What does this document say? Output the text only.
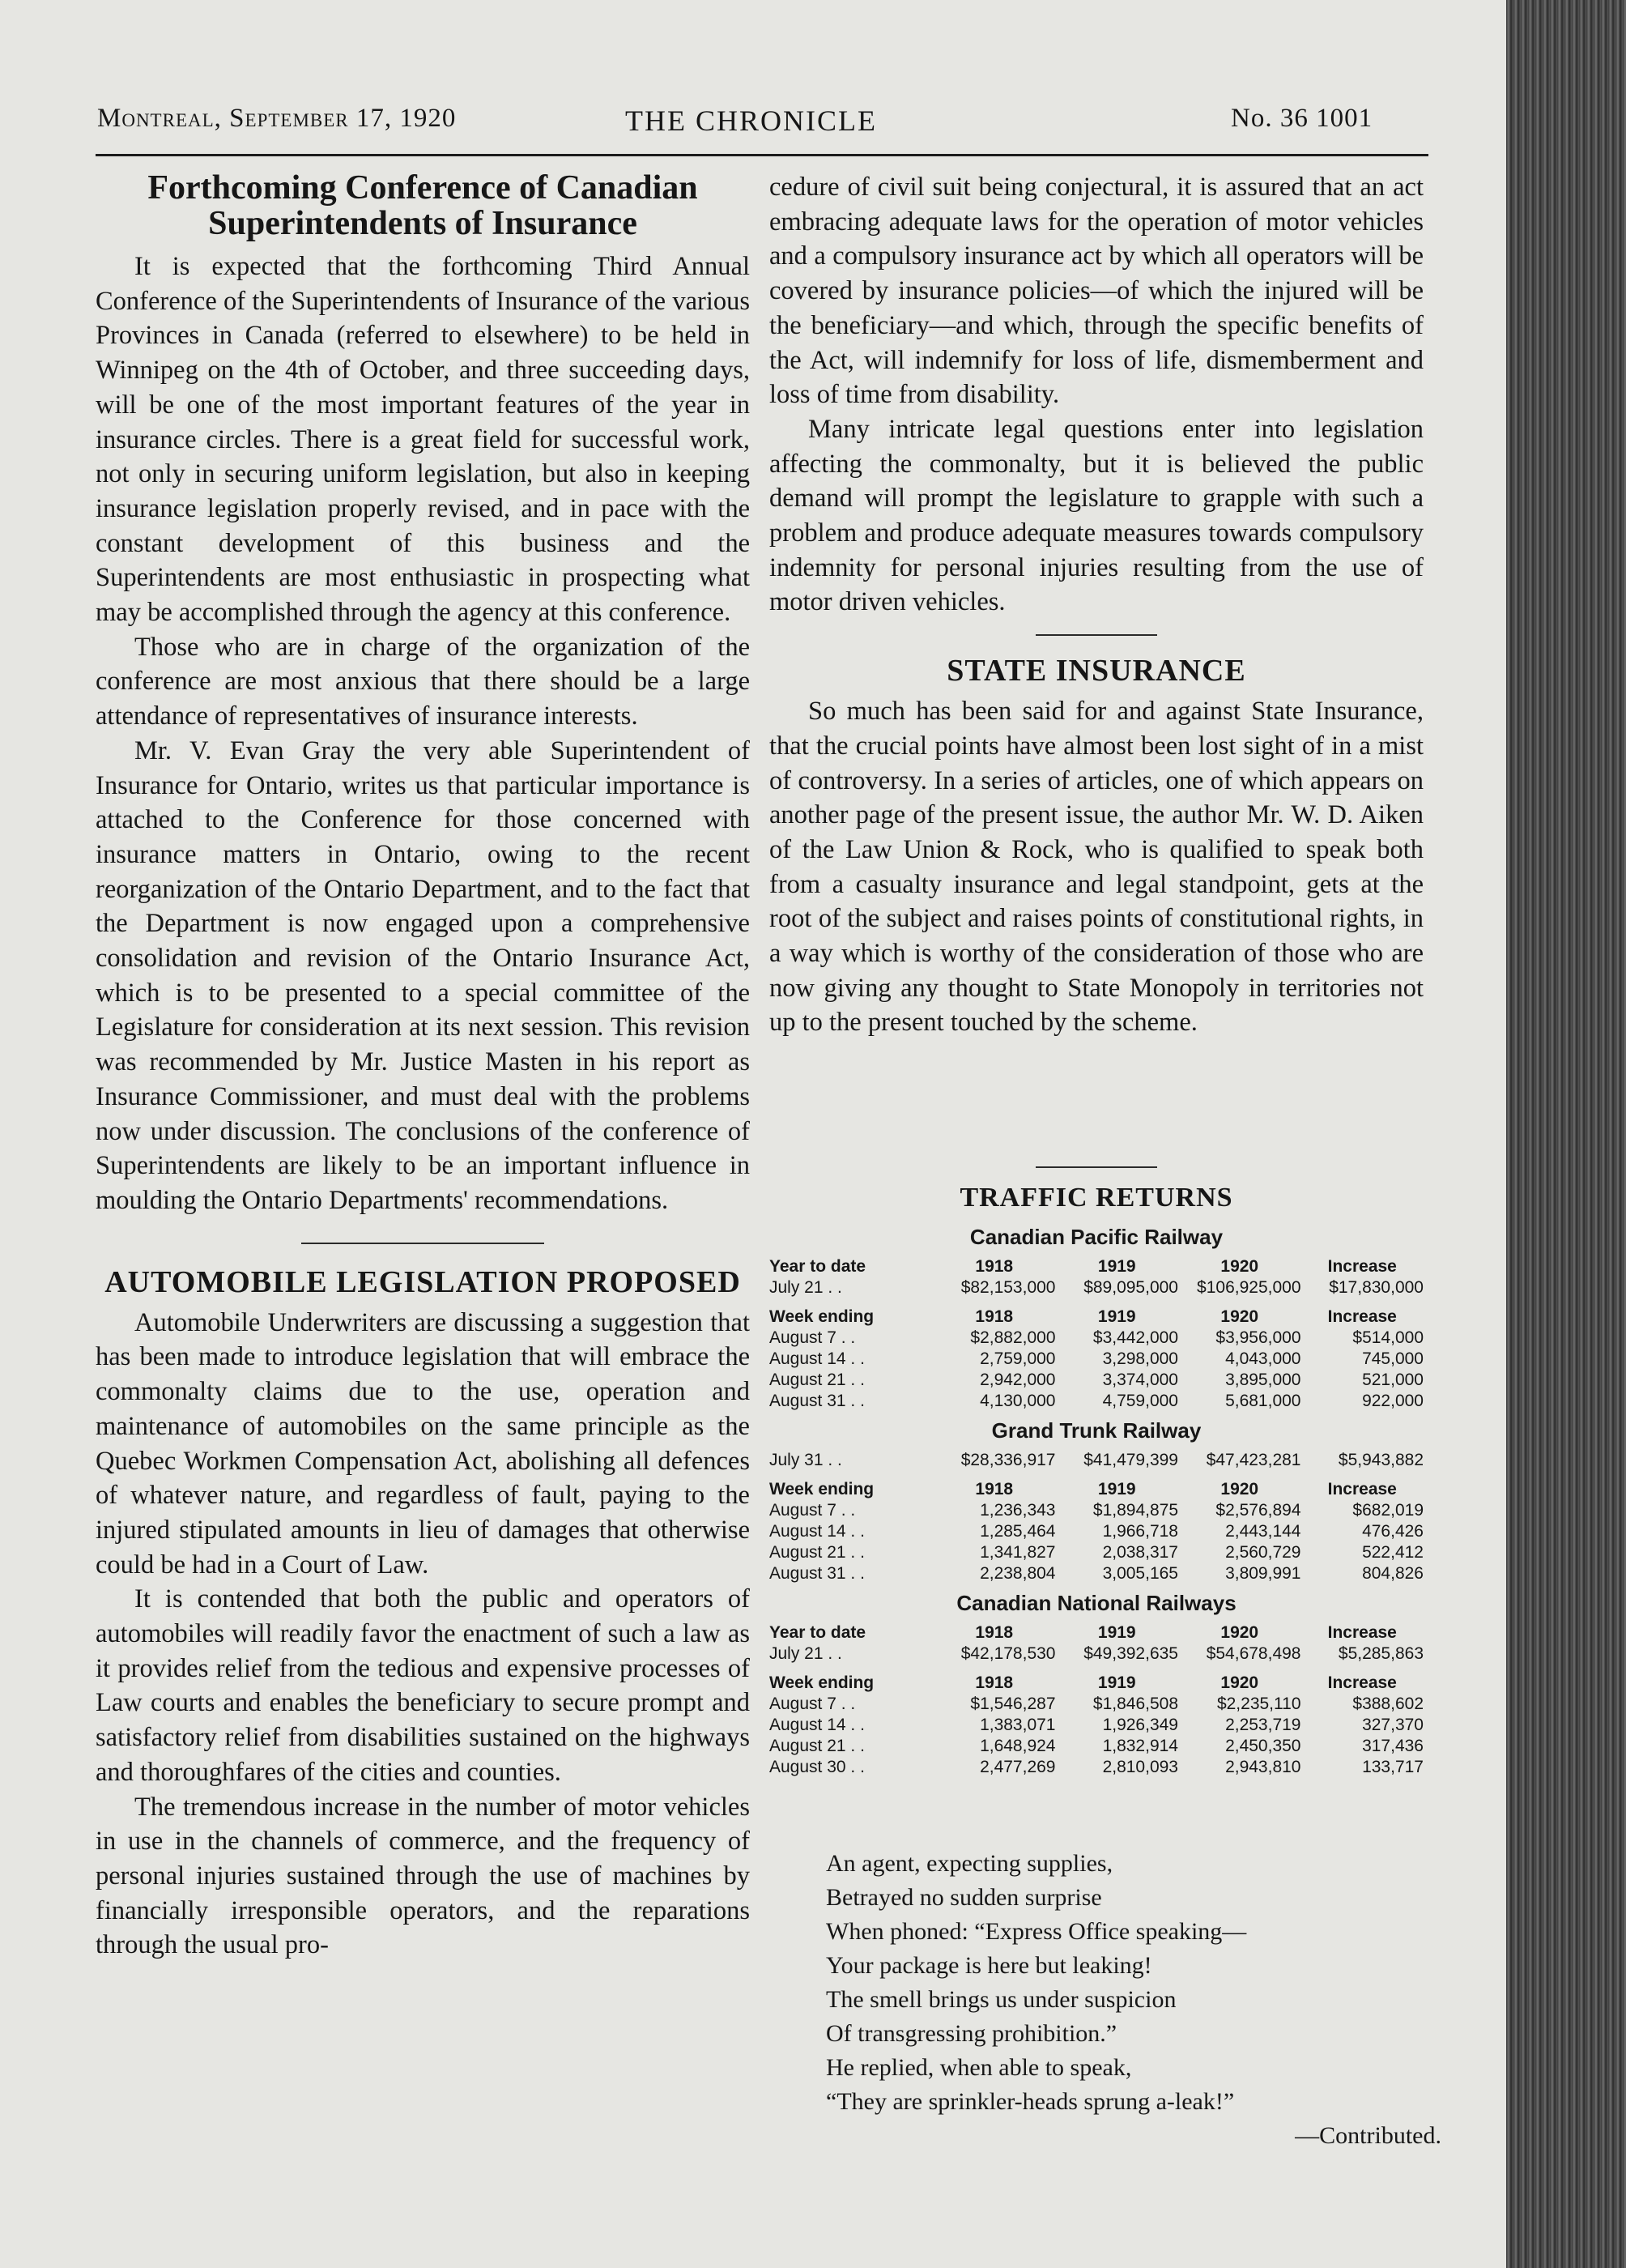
Montreal, September 17, 1920	THE CHRONICLE	No. 36 1001
Forthcoming Conference of Canadian
Superintendents of Insurance

It is expected that the forthcoming Third Annual Conference of the Superintendents of Insurance of the various Provinces in Canada (referred to elsewhere) to be held in Winnipeg on the 4th of October, and three succeeding days, will be one of the most important features of the year in insurance circles. There is a great field for successful work, not only in securing uniform legislation, but also in keeping insurance legislation properly revised, and in pace with the constant development of this business and the Superintendents are most enthusiastic in prospecting what may be accomplished through the agency at this conference.

Those who are in charge of the organization of the conference are most anxious that there should be a large attendance of representatives of insurance interests.

Mr. V. Evan Gray the very able Superintendent of Insurance for Ontario, writes us that particular importance is attached to the Conference for those concerned with insurance matters in Ontario, owing to the recent reorganization of the Ontario Department, and to the fact that the Department is now engaged upon a comprehensive consolidation and revision of the Ontario Insurance Act, which is to be presented to a special committee of the Legislature for consideration at its next session. This revision was recommended by Mr. Justice Masten in his report as Insurance Commissioner, and must deal with the problems now under discussion. The conclusions of the conference of Superintendents are likely to be an important influence in moulding the Ontario Departments' recommendations.

AUTOMOBILE LEGISLATION PROPOSED

Automobile Underwriters are discussing a suggestion that has been made to introduce legislation that will embrace the commonalty claims due to the use, operation and maintenance of automobiles on the same principle as the Quebec Workmen Compensation Act, abolishing all defences of whatever nature, and regardless of fault, paying to the injured stipulated amounts in lieu of damages that otherwise could be had in a Court of Law.

It is contended that both the public and operators of automobiles will readily favor the enactment of such a law as it provides relief from the tedious and expensive processes of Law courts and enables the beneficiary to secure prompt and satisfactory relief from disabilities sustained on the highways and thoroughfares of the cities and counties.

The tremendous increase in the number of motor vehicles in use in the channels of commerce, and the frequency of personal injuries sustained through the use of machines by financially irresponsible operators, and the reparations through the usual pro-

cedure of civil suit being conjectural, it is assured that an act embracing adequate laws for the operation of motor vehicles and a compulsory insurance act by which all operators will be covered by insurance policies—of which the injured will be the beneficiary—and which, through the specific benefits of the Act, will indemnify for loss of life, dismemberment and loss of time from disability.

Many intricate legal questions enter into legislation affecting the commonalty, but it is believed the public demand will prompt the legislature to grapple with such a problem and produce adequate measures towards compulsory indemnity for personal injuries resulting from the use of motor driven vehicles.

STATE INSURANCE

So much has been said for and against State Insurance, that the crucial points have almost been lost sight of in a mist of controversy. In a series of articles, one of which appears on another page of the present issue, the author Mr. W. D. Aiken of the Law Union & Rock, who is qualified to speak both from a casualty insurance and legal standpoint, gets at the root of the subject and raises points of constitutional rights, in a way which is worthy of the consideration of those who are now giving any thought to State Monopoly in territories not up to the present touched by the scheme.

TRAFFIC RETURNS
Canadian Pacific Railway
Year to date	1918	1919	1920	Increase
July 21 . .	$82,153,000	$89,095,000	$106,925,000	$17,830,000

Week ending	1918	1919	1920	Increase
August 7 . .	$2,882,000	$3,442,000	$3,956,000	$514,000
August 14 . .	2,759,000	3,298,000	4,043,000	745,000
August 21 . .	2,942,000	3,374,000	3,895,000	521,000
August 31 . .	4,130,000	4,759,000	5,681,000	922,000
Grand Trunk Railway
July 31 . .	$28,336,917	$41,479,399	$47,423,281	$5,943,882

Week ending	1918	1919	1920	Increase
August 7 . .	1,236,343	$1,894,875	$2,576,894	$682,019
August 14 . .	1,285,464	1,966,718	2,443,144	476,426
August 21 . .	1,341,827	2,038,317	2,560,729	522,412
August 31 . .	2,238,804	3,005,165	3,809,991	804,826
Canadian National Railways
Year to date	1918	1919	1920	Increase
July 21 . .	$42,178,530	$49,392,635	$54,678,498	$5,285,863

Week ending	1918	1919	1920	Increase
August 7 . .	$1,546,287	$1,846,508	$2,235,110	$388,602
August 14 . .	1,383,071	1,926,349	2,253,719	327,370
August 21 . .	1,648,924	1,832,914	2,450,350	317,436
August 30 . .	2,477,269	2,810,093	2,943,810	133,717
An agent, expecting supplies,
Betrayed no sudden surprise
When phoned: “Express Office speaking—
Your package is here but leaking!
The smell brings us under suspicion
Of transgressing prohibition.”
He replied, when able to speak,
“They are sprinkler-heads sprung a-leak!”
—Contributed.
